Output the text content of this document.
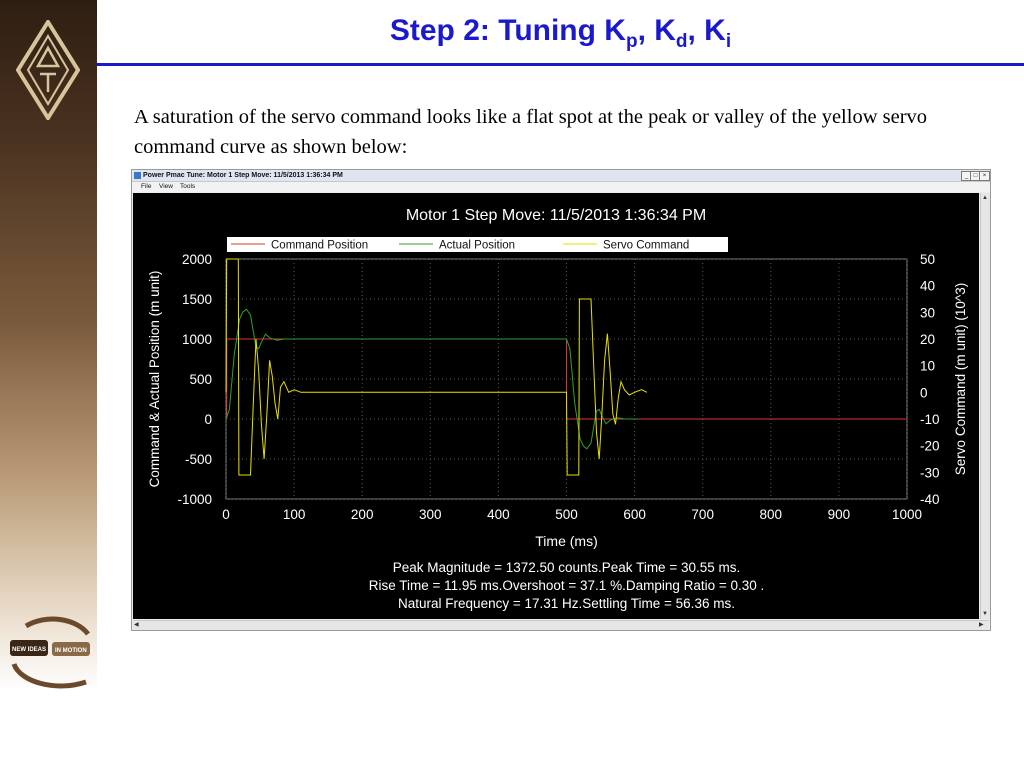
NEW IDEAS IN MOTION
Step 2: Tuning $K_p$, $K_d$, $K_i$
A saturation of the servo command looks like a flat spot at the peak or valley of the yellow servo command curve as shown below:
Power Pmac Tune: Motor 1 Step Move: 11/5/2013 1:36:34 PM	_ □ ×
File View Tools
Motor 1 Step Move: 11/5/2013 1:36:34 PM
0	100	200	300	400	500	600	700	800	900	1000
2000
1500
1000
500
0
-500
-1000
50
40
30
20
10
0
-10
-20
-30
-40
Command & Actual Position (m unit)	Servo Command (m unit) (10^3)
Time (ms)
Command Position	Actual Position	Servo Command
Peak Magnitude = 1372.50 counts.Peak Time = 30.55 ms.
Rise Time = 11.95 ms.Overshoot = 37.1 %.Damping Ratio = 0.30 .
Natural Frequency = 17.31 Hz.Settling Time = 56.36 ms.
▲
▼
◀	▶
